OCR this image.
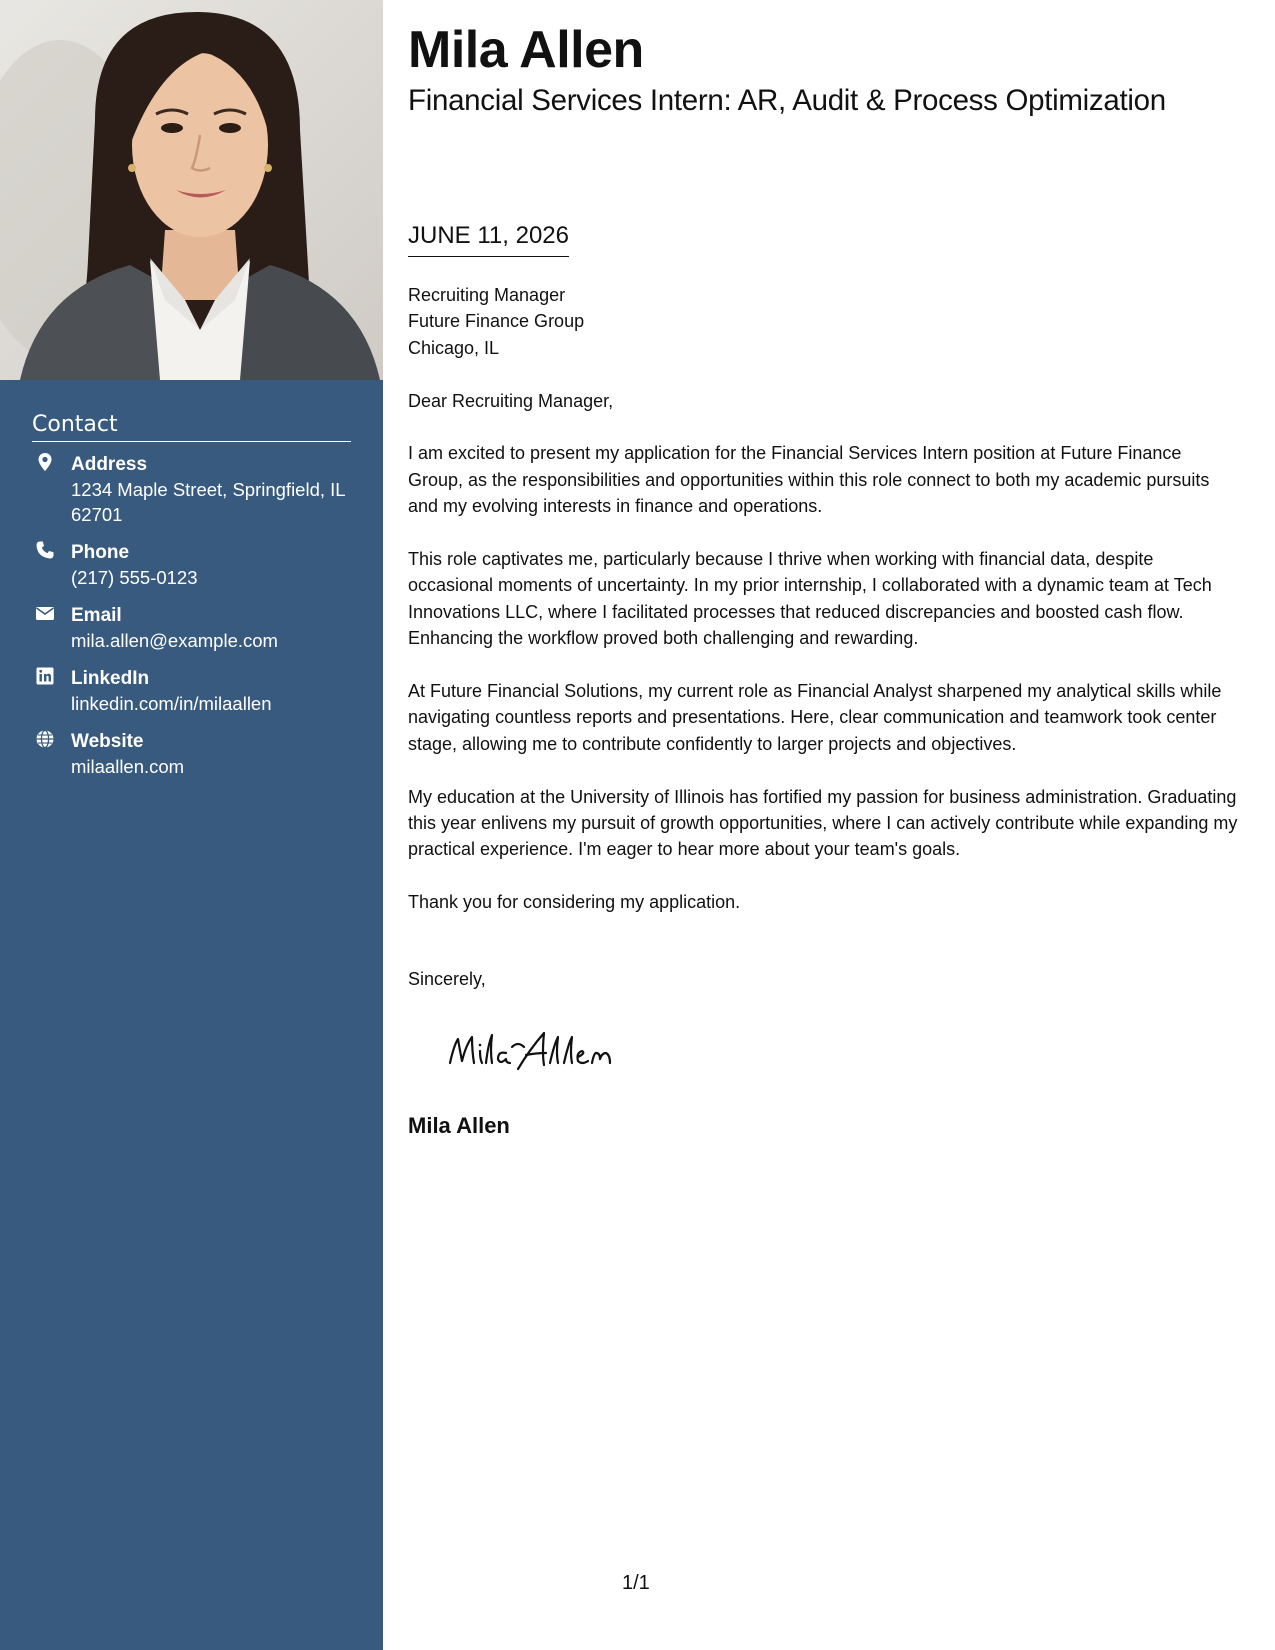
Contact
Address
1234 Maple Street, Springfield, IL 62701
Phone
(217) 555-0123
Email
mila.allen@example.com
LinkedIn
linkedin.com/in/milaallen
Website
milaallen.com
Mila Allen
Financial Services Intern: AR, Audit & Process Optimization
JUNE 11, 2026
Recruiting Manager
Future Finance Group
Chicago, IL

Dear Recruiting Manager,

I am excited to present my application for the Financial Services Intern position at Future Finance Group, as the responsibilities and opportunities within this role connect to both my academic pursuits and my evolving interests in finance and operations.

This role captivates me, particularly because I thrive when working with financial data, despite occasional moments of uncertainty. In my prior internship, I collaborated with a dynamic team at Tech Innovations LLC, where I facilitated processes that reduced discrepancies and boosted cash flow. Enhancing the workflow proved both challenging and rewarding.

At Future Financial Solutions, my current role as Financial Analyst sharpened my analytical skills while navigating countless reports and presentations. Here, clear communication and teamwork took center stage, allowing me to contribute confidently to larger projects and objectives.

My education at the University of Illinois has fortified my passion for business administration. Graduating this year enlivens my pursuit of growth opportunities, where I can actively contribute while expanding my practical experience. I'm eager to hear more about your team's goals.

Thank you for considering my application.

Sincerely,
Mila Allen
1/1
